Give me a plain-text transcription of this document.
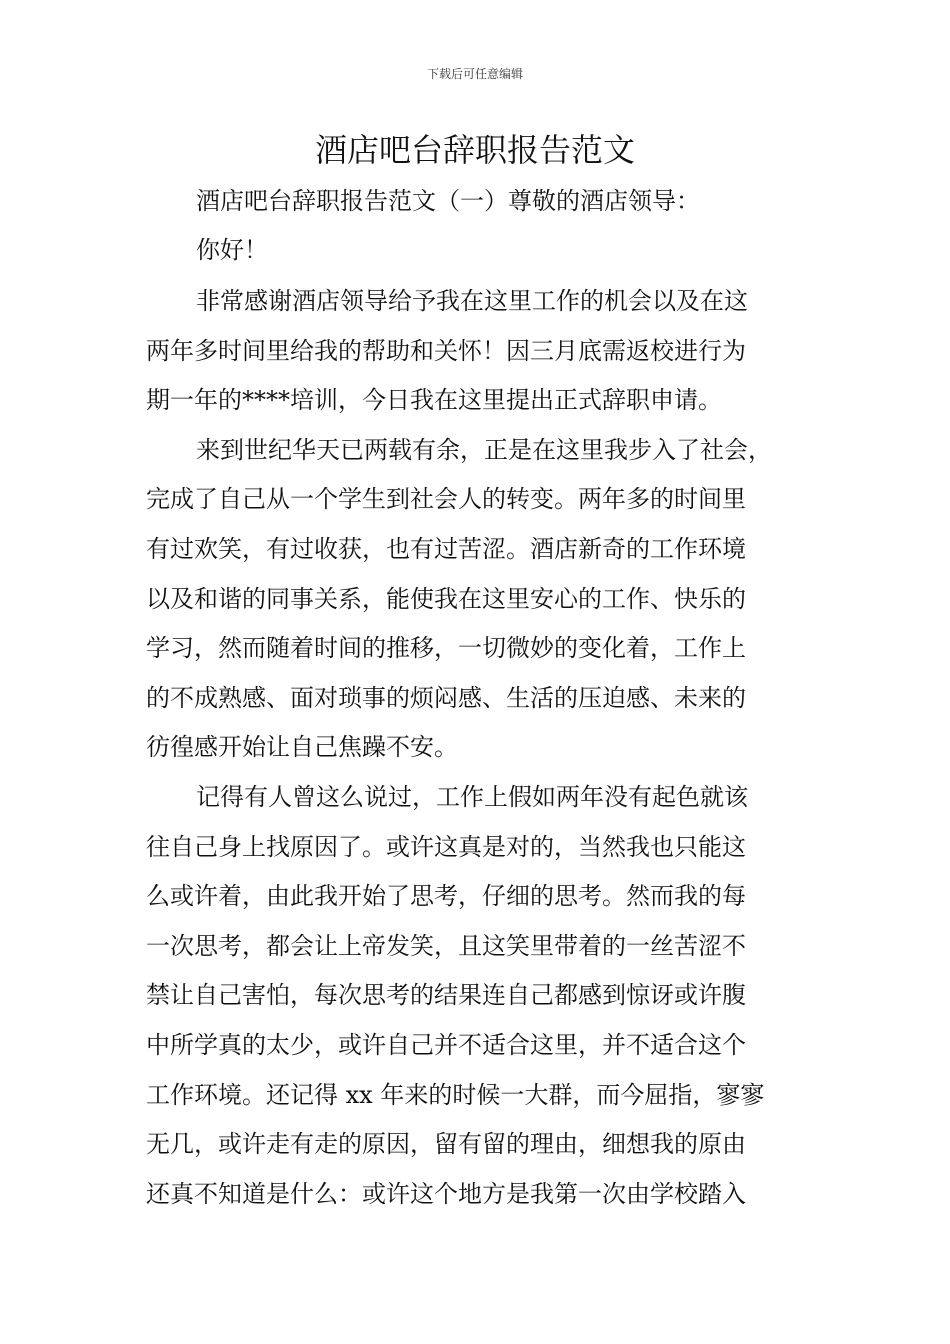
下载后可任意编辑
酒店吧台辞职报告范文

酒店吧台辞职报告范文（一）尊敬的酒店领导：

你好！

非常感谢酒店领导给予我在这里工作的机会以及在这

两年多时间里给我的帮助和关怀！因三月底需返校进行为

期一年的****培训，今日我在这里提出正式辞职申请。

来到世纪华天已两载有余，正是在这里我步入了社会，

完成了自己从一个学生到社会人的转变。两年多的时间里

有过欢笑，有过收获，也有过苦涩。酒店新奇的工作环境

以及和谐的同事关系，能使我在这里安心的工作、快乐的

学习，然而随着时间的推移，一切微妙的变化着，工作上

的不成熟感、面对琐事的烦闷感、生活的压迫感、未来的

彷徨感开始让自己焦躁不安。

记得有人曾这么说过，工作上假如两年没有起色就该

往自己身上找原因了。或许这真是对的，当然我也只能这

么或许着，由此我开始了思考，仔细的思考。然而我的每

一次思考，都会让上帝发笑，且这笑里带着的一丝苦涩不

禁让自己害怕，每次思考的结果连自己都感到惊讶或许腹

中所学真的太少，或许自己并不适合这里，并不适合这个

工作环境。还记得 xx 年来的时候一大群，而今屈指，寥寥

无几，或许走有走的原因，留有留的理由，细想我的原由

还真不知道是什么：或许这个地方是我第一次由学校踏入
